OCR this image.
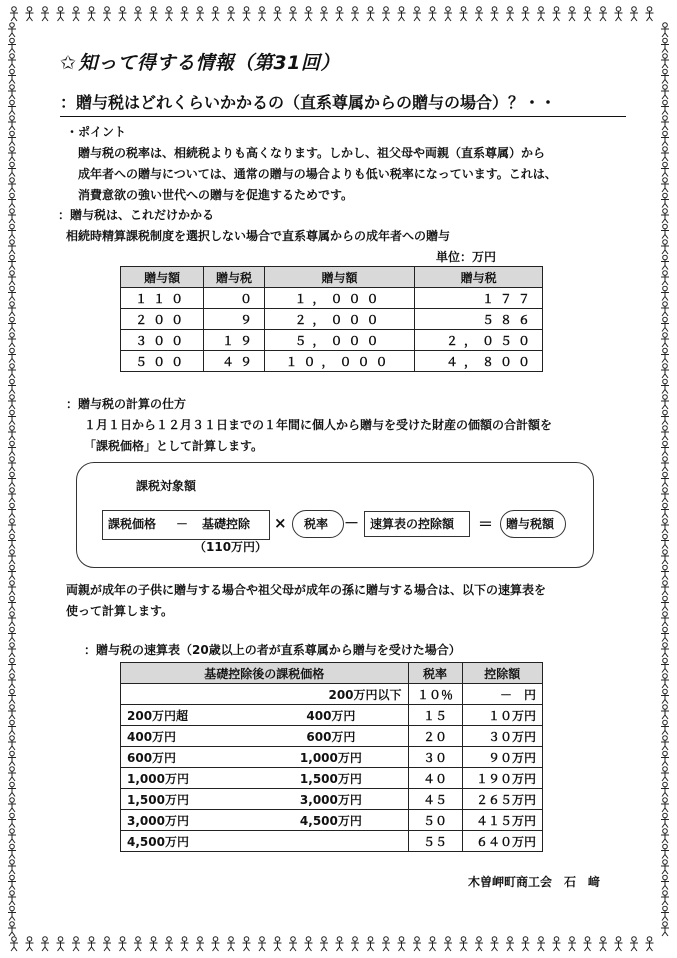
✩ 知って得する情報（第31回）
：贈与税はどれくらいかかるの（直系尊属からの贈与の場合）？・・
・ポイント
贈与税の税率は、相続税よりも高くなります。しかし、祖父母や両親（直系尊属）から
成年者への贈与については、通常の贈与の場合よりも低い税率になっています。これは、
消費意欲の強い世代への贈与を促進するためです。
：贈与税は、これだけかかる
相続時精算課税制度を選択しない場合で直系尊属からの成年者への贈与
単位：万円
贈与額	贈与税	贈与額	贈与税
１１０	０	１，０００	１７７
２００	９	２，０００	５８６
３００	１９	５，０００	２，０５０
５００	４９	１０，０００	４，８００
：贈与税の計算の仕方
１月１日から１２月３１日までの１年間に個人から贈与を受けた財産の価額の合計額を
「課税価格」として計算します。
課税対象額
課税価格 － 基礎控除
（110万円）
× 税率 － 速算表の控除額 ＝ 贈与税額
両親が成年の子供に贈与する場合や祖父母が成年の孫に贈与する場合は、以下の速算表を
使って計算します。
：贈与税の速算表（20歳以上の者が直系尊属から贈与を受けた場合）
基礎控除後の課税価格		税率	控除額
	200万円以下	１０％	－　円
200万円超	400万円	１５	１０万円
400万円	600万円	２０	３０万円
600万円	1,000万円	３０	９０万円
1,000万円	1,500万円	４０	１９０万円
1,500万円	3,000万円	４５	２６５万円
3,000万円	4,500万円	５０	４１５万円
4,500万円		５５	６４０万円
木曽岬町商工会　石　﨑
